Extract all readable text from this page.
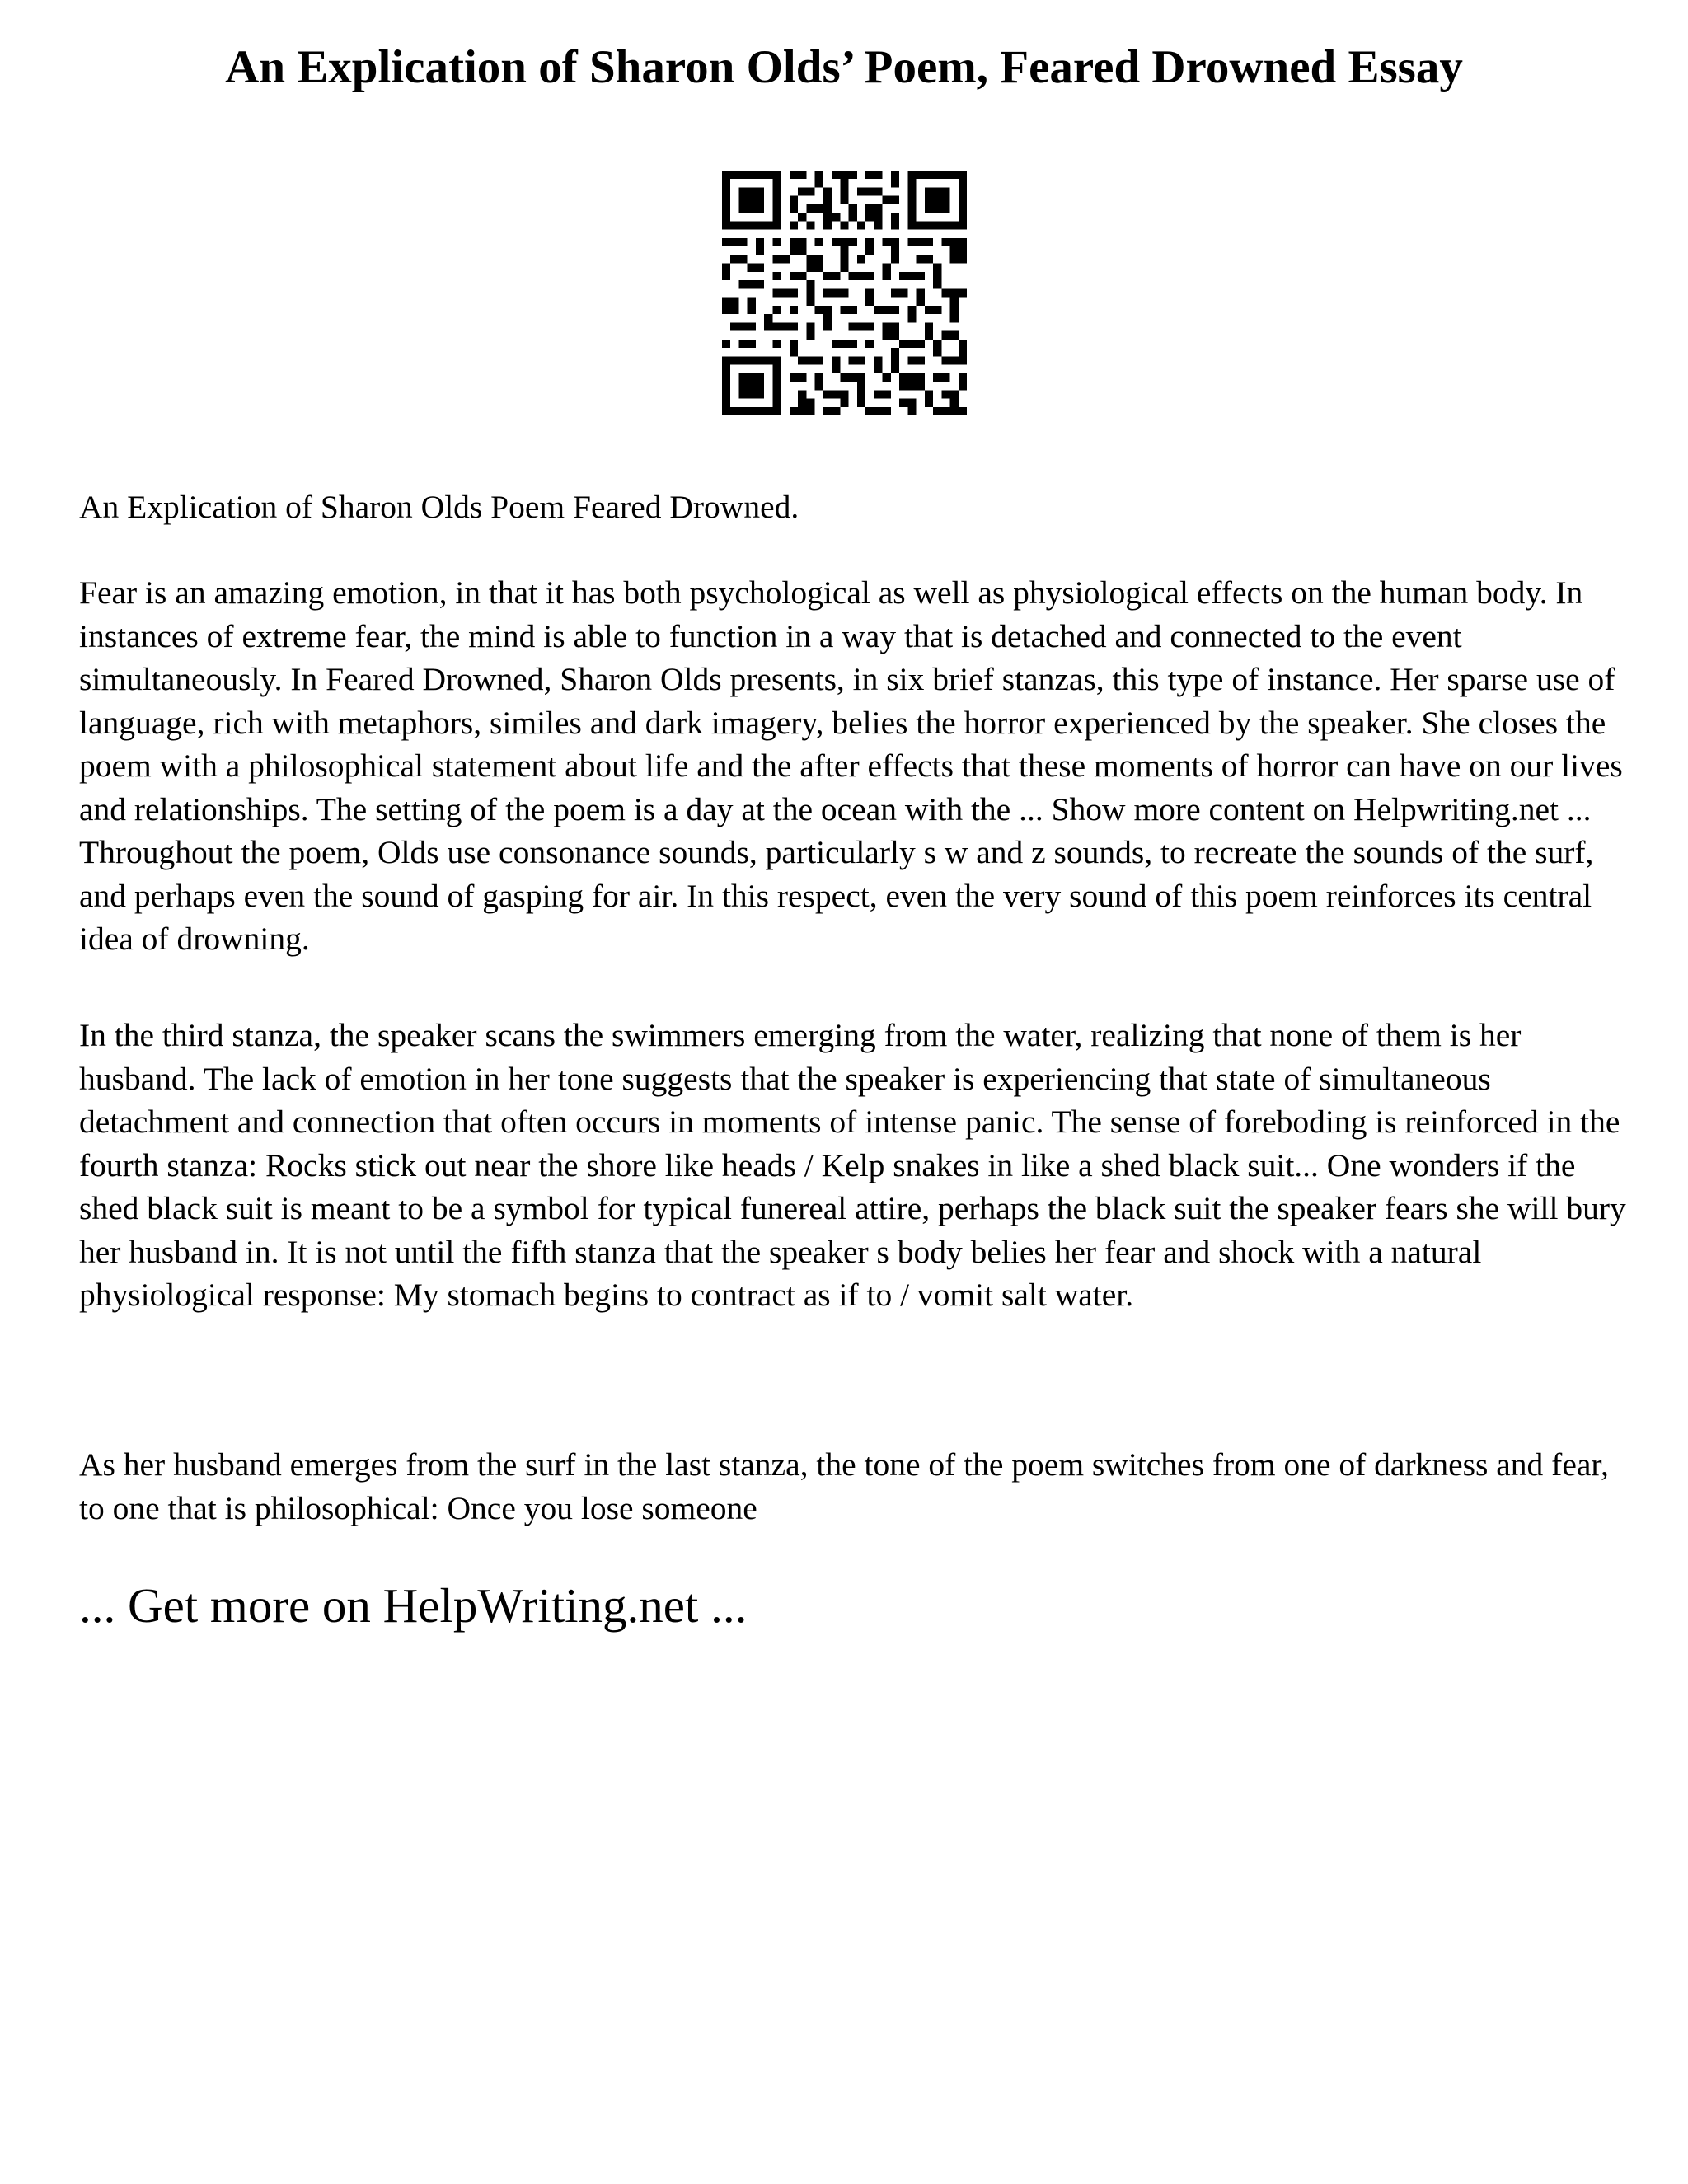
An Explication of Sharon Olds’ Poem, Feared Drowned Essay

An Explication of Sharon Olds Poem Feared Drowned.

Fear is an amazing emotion, in that it has both psychological as well as physiological effects on the human body. In instances of extreme fear, the mind is able to function in a way that is detached and connected to the event simultaneously. In Feared Drowned, Sharon Olds presents, in six brief stanzas, this type of instance. Her sparse use of language, rich with metaphors, similes and dark imagery, belies the horror experienced by the speaker. She closes the poem with a philosophical statement about life and the after effects that these moments of horror can have on our lives and relationships. The setting of the poem is a day at the ocean with the ... Show more content on Helpwriting.net ... Throughout the poem, Olds use consonance sounds, particularly s w and z sounds, to recreate the sounds of the surf, and perhaps even the sound of gasping for air. In this respect, even the very sound of this poem reinforces its central idea of drowning.

In the third stanza, the speaker scans the swimmers emerging from the water, realizing that none of them is her husband. The lack of emotion in her tone suggests that the speaker is experiencing that state of simultaneous detachment and connection that often occurs in moments of intense panic. The sense of foreboding is reinforced in the fourth stanza: Rocks stick out near the shore like heads / Kelp snakes in like a shed black suit... One wonders if the shed black suit is meant to be a symbol for typical funereal attire, perhaps the black suit the speaker fears she will bury her husband in. It is not until the fifth stanza that the speaker s body belies her fear and shock with a natural physiological response: My stomach begins to contract as if to / vomit salt water.

As her husband emerges from the surf in the last stanza, the tone of the poem switches from one of darkness and fear, to one that is philosophical: Once you lose someone

... Get more on HelpWriting.net ...
